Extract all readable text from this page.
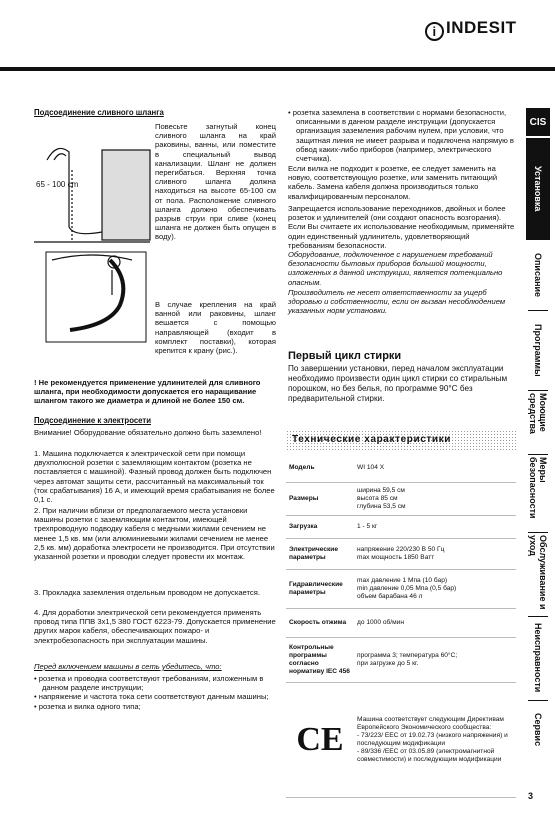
i INDESIT
Подсоединение сливного шланга
65 - 100 cm
Повесьте загнутый конец сливного шланга на край раковины, ванны, или поместите в специальный вывод канализации. Шланг не должен перегибаться. Верхняя точка сливного шланга должна находиться на высоте 65-100 см от пола. Расположение сливного шланга должно обеспечивать разрыв струи при сливе (конец шланга не должен быть опущен в воду).
В случае крепления на край ванной или раковины, шланг вешается с помощью направляющей (входит в комплект поставки), которая крепится к крану (рис.).
! Не рекомендуется применение удлинителей для сливного шланга, при необходимости допускается его наращивание шлангом такого же диаметра и длиной не более 150 см.
Подсоединение к электросети
Внимание! Оборудование обязательно должно быть заземлено!
1. Машина подключается к электрической сети при помощи двухполюсной розетки с заземляющим контактом (розетка не поставляется с машиной). Фазный провод должен быть подключен через автомат защиты сети, рассчитанный на максимальный ток (ток срабатывания) 16 А, и имеющий время срабатывания не более 0,1 с.
2. При наличии вблизи от предполагаемого места установки машины розетки с заземляющим контактом, имеющей трехпроводную подводку кабеля с медными жилами сечением не менее 1,5 кв. мм (или алюминиевыми жилами сечением не менее 2,5 кв. мм) доработка электросети не производится. При отсутствии указанной розетки и проводки следует провести их монтаж.
3. Прокладка заземления отдельным проводом не допускается.
4. Для доработки электрической сети рекомендуется применять провод типа ППВ 3х1,5 380 ГОСТ 6223-79. Допускается применение других марок кабеля, обеспечивающих пожаро- и электробезопасность при эксплуатации машины.
Перед включением машины в сеть убедитесь, что:
• розетка и проводка соответствуют требованиям, изложенным в данном разделе инструкции;
• напряжение и частота тока сети соответствуют данным машины;
• розетка и вилка одного типа;
• розетка заземлена в соответствии с нормами безопасности, описанными в данном разделе инструкции (допускается организация заземления рабочим нулем, при условии, что защитная линия не имеет разрыва и подключена напрямую в обвод каких-либо приборов (например, электрического счетчика).
Если вилка не подходит к розетке, ее следует заменить на новую, соответствующую розетке, или заменить питающий кабель. Замена кабеля должна производиться только квалифицированным персоналом.
Запрещается использование переходников, двойных и более розеток и удлинителей (они создают опасность возгорания). Если Вы считаете их использование необходимым, применяйте один единственный удлинитель, удовлетворяющий требованиям безопасности.
Оборудование, подключенное с нарушением требований безопасности бытовых приборов большой мощности, изложенных в данной инструкции, является потенциально опасным.
Производитель не несет ответственности за ущерб здоровью и собственности, если он вызван несоблюдением указанных норм установки.
Первый цикл стирки
По завершении установки, перед началом эксплуатации необходимо произвести один цикл стирки со стиральным порошком, но без белья, по программе 90°С без предварительной стирки.
Технические характеристики
Модель	WI 104 X
Размеры	ширина 59,5 см
высота 85 см
глубина 53,5 см
Загрузка	1 - 5 кг
Электрические параметры	напряжение 220/230 В 50 Гц
max мощность 1850 Ватт
Гидравлические параметры	max давление 1 Mпа (10 бар)
min давление 0,05 Mпа (0,5 бар)
объем барабана 46 л
Скорость отжима	до 1000 об/мин
Контрольные программы согласно нормативу IEC 456	программа 3; температура 60°С;
при загрузке до 5 кг.
CE	Машина соответствует следующим Директивам Европейского Экономического сообщества:
- 73/223/ EEC от 19.02.73 (низкого напряжения) и последующим модификации
- 89/336 /EEC от 03.05.89 (электромагнитной совместимости) и последующим модификации
CIS
Установка
Описание
Программы
Моющие средства
Меры безопасности
Обслуживание и уход
Неисправности
Сервис
3
